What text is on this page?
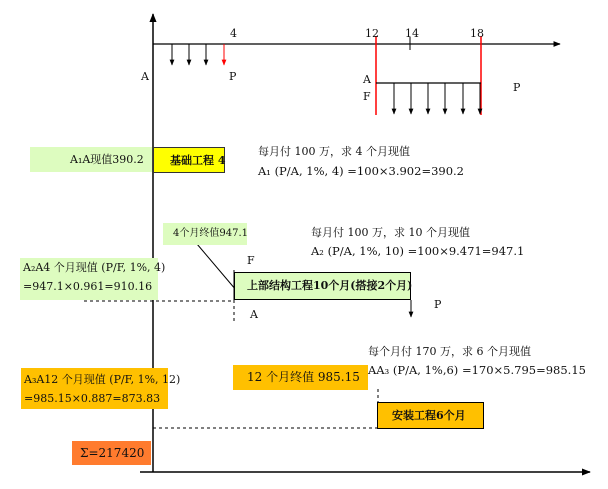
4	12 14	18
A	P	A
F
P
F
A
P
A₁A现值390.2
A₂A4 个月现值 (P/F, 1%, 4)
=947.1×0.961=910.16
A₃A12 个月现值 (P/F, 1%, 12)
=985.15×0.887=873.83
Σ=217420
基础工程 4
上部结构工程10个月(搭接2个月)
安装工程6个月
4个月终值947.1
12 个月终值 985.15
每月付 100 万，求 4 个月现值
A₁ (P/A, 1%, 4) =100×3.902=390.2
每月付 100 万，求 10 个月现值
A₂ (P/A, 1%, 10) =100×9.471=947.1
每个月付 170 万，求 6 个月现值
AA₃ (P/A, 1%,6) =170×5.795=985.15
